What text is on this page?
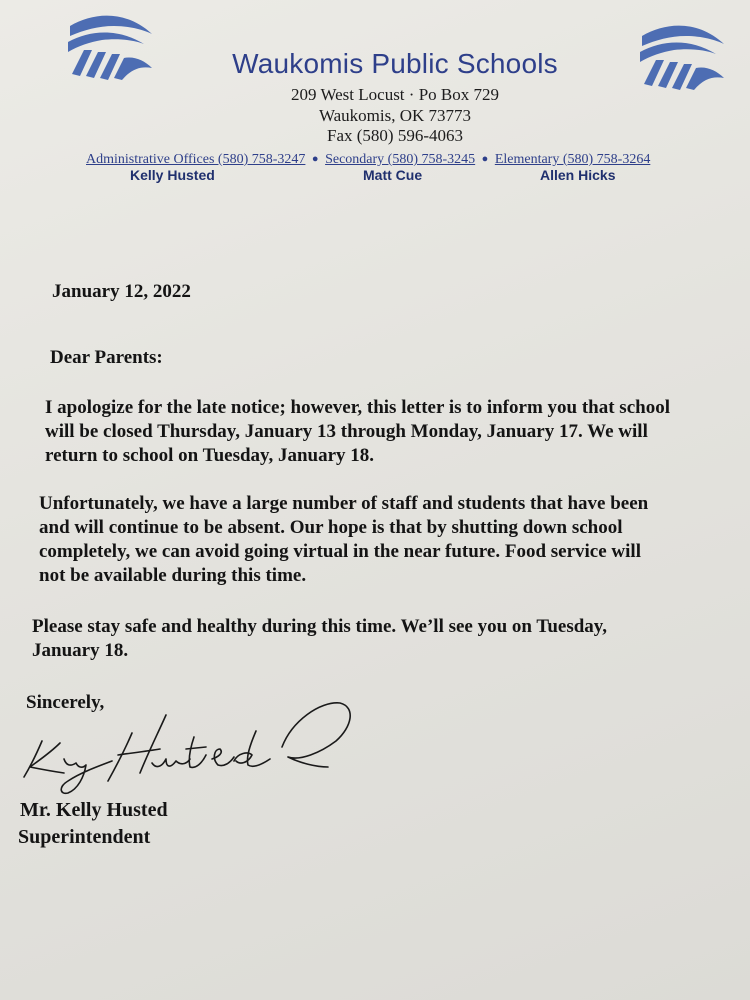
Waukomis Public Schools
209 West Locust · Po Box 729
Waukomis, OK 73773
Fax (580) 596-4063
Administrative Offices (580) 758-3247 ● Secondary (580) 758-3245 ● Elementary (580) 758-3264
Kelly Husted	Matt Cue	Allen Hicks
January 12, 2022
Dear Parents:
I apologize for the late notice; however, this letter is to inform you that school
will be closed Thursday, January 13 through Monday, January 17. We will
return to school on Tuesday, January 18.
Unfortunately, we have a large number of staff and students that have been
and will continue to be absent. Our hope is that by shutting down school
completely, we can avoid going virtual in the near future. Food service will
not be available during this time.
Please stay safe and healthy during this time. We’ll see you on Tuesday,
January 18.
Sincerely,
Mr. Kelly Husted
Superintendent
